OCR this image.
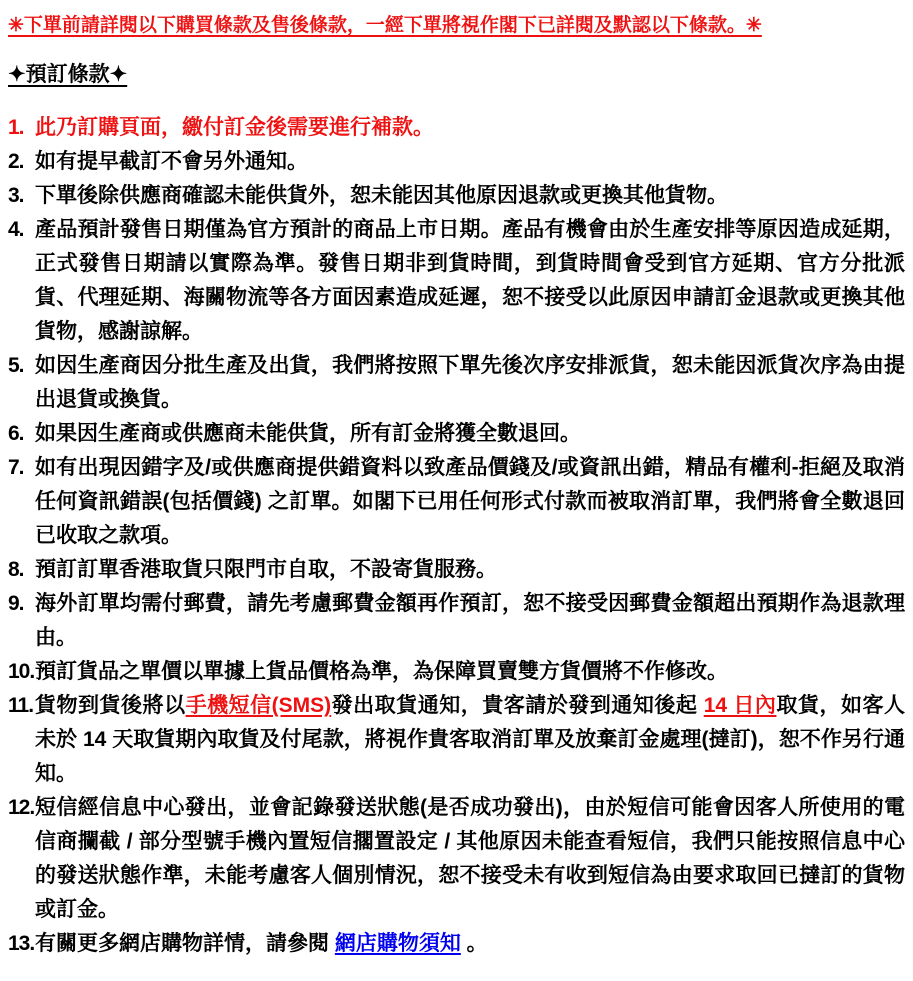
✳下單前請詳閱以下購買條款及售後條款，一經下單將視作閣下已詳閱及默認以下條款。✳
✦預訂條款✦
1. 此乃訂購頁面，繳付訂金後需要進行補款。
2. 如有提早截訂不會另外通知。
3. 下單後除供應商確認未能供貨外，恕未能因其他原因退款或更換其他貨物。
4. 產品預計發售日期僅為官方預計的商品上市日期。產品有機會由於生產安排等原因造成延期，正式發售日期請以實際為準。發售日期非到貨時間，到貨時間會受到官方延期、官方分批派貨、代理延期、海關物流等各方面因素造成延遲，恕不接受以此原因申請訂金退款或更換其他貨物，感謝諒解。
5. 如因生產商因分批生產及出貨，我們將按照下單先後次序安排派貨，恕未能因派貨次序為由提出退貨或換貨。
6. 如果因生產商或供應商未能供貨，所有訂金將獲全數退回。
7. 如有出現因錯字及/或供應商提供錯資料以致產品價錢及/或資訊出錯，精品有權利-拒絕及取消任何資訊錯誤(包括價錢) 之訂單。如閣下已用任何形式付款而被取消訂單，我們將會全數退回已收取之款項。
8. 預訂訂單香港取貨只限門市自取，不設寄貨服務。
9. 海外訂單均需付郵費，請先考慮郵費金額再作預訂，恕不接受因郵費金額超出預期作為退款理由。
10. 預訂貨品之單價以單據上貨品價格為準，為保障買賣雙方貨價將不作修改。
11. 貨物到貨後將以手機短信(SMS)發出取貨通知，貴客請於發到通知後起 14 日內取貨，如客人未於 14 天取貨期內取貨及付尾款，將視作貴客取消訂單及放棄訂金處理(撻訂)，恕不作另行通知。
12. 短信經信息中心發出，並會記錄發送狀態(是否成功發出)，由於短信可能會因客人所使用的電信商攔截 / 部分型號手機內置短信擱置設定 / 其他原因未能查看短信，我們只能按照信息中心的發送狀態作準，未能考慮客人個別情況，恕不接受未有收到短信為由要求取回已撻訂的貨物或訂金。
13. 有關更多網店購物詳情，請參閱 網店購物須知 。
